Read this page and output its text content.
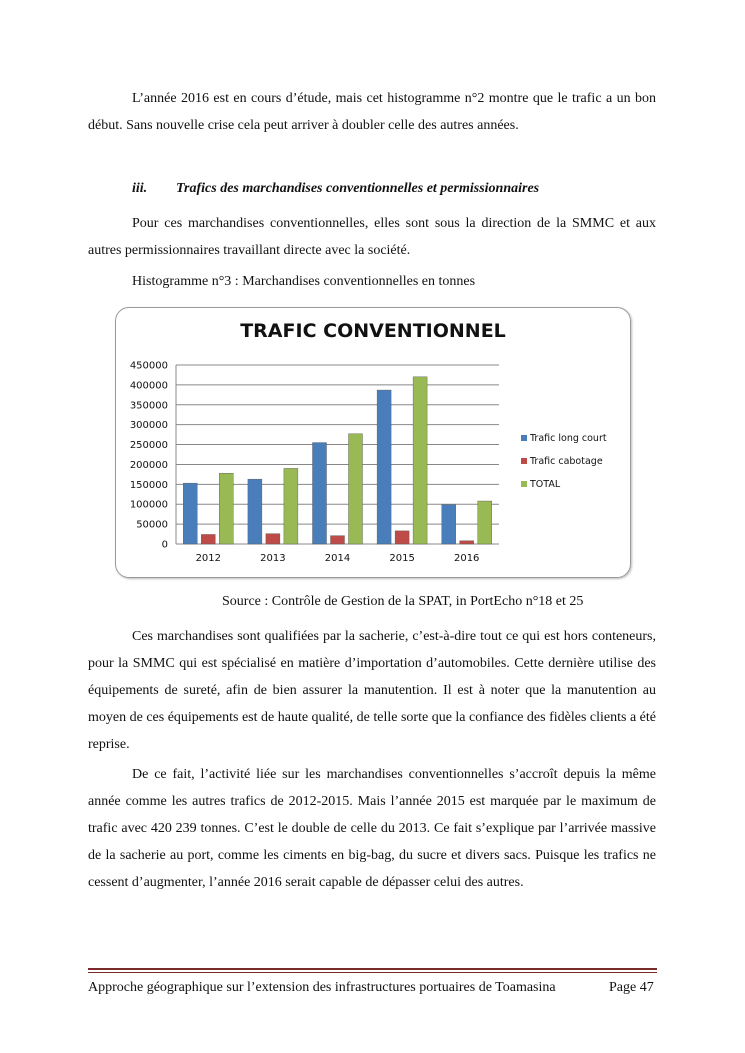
L’année 2016 est en cours d’étude, mais cet histogramme n°2 montre que le trafic a un bon début. Sans nouvelle crise cela peut arriver à doubler celle des autres années.

iii. Trafics des marchandises conventionnelles et permissionnaires

Pour ces marchandises conventionnelles, elles sont sous la direction de la SMMC et aux autres permissionnaires travaillant directe avec la société.

Histogramme n°3 : Marchandises conventionnelles en tonnes

TRAFIC CONVENTIONNEL
0
50000
100000
150000
200000
250000
300000
350000
400000
450000
2012	2013	2014	2015	2016
Trafic long court
Trafic cabotage
TOTAL

Source : Contrôle de Gestion de la SPAT, in PortEcho n°18 et 25

Ces marchandises sont qualifiées par la sacherie, c’est-à-dire tout ce qui est hors conteneurs, pour la SMMC qui est spécialisé en matière d’importation d’automobiles. Cette dernière utilise des équipements de sureté, afin de bien assurer la manutention. Il est à noter que la manutention au moyen de ces équipements est de haute qualité, de telle sorte que la confiance des fidèles clients a été reprise.

De ce fait, l’activité liée sur les marchandises conventionnelles s’accroît depuis la même année comme les autres trafics de 2012-2015. Mais l’année 2015 est marquée par le maximum de trafic avec 420 239 tonnes. C’est le double de celle du 2013. Ce fait s’explique par l’arrivée massive de la sacherie au port, comme les ciments en big-bag, du sucre et divers sacs. Puisque les trafics ne cessent d’augmenter, l’année 2016 serait capable de dépasser celui des autres.

Approche géographique sur l’extension des infrastructures portuaires de Toamasina	Page 47
